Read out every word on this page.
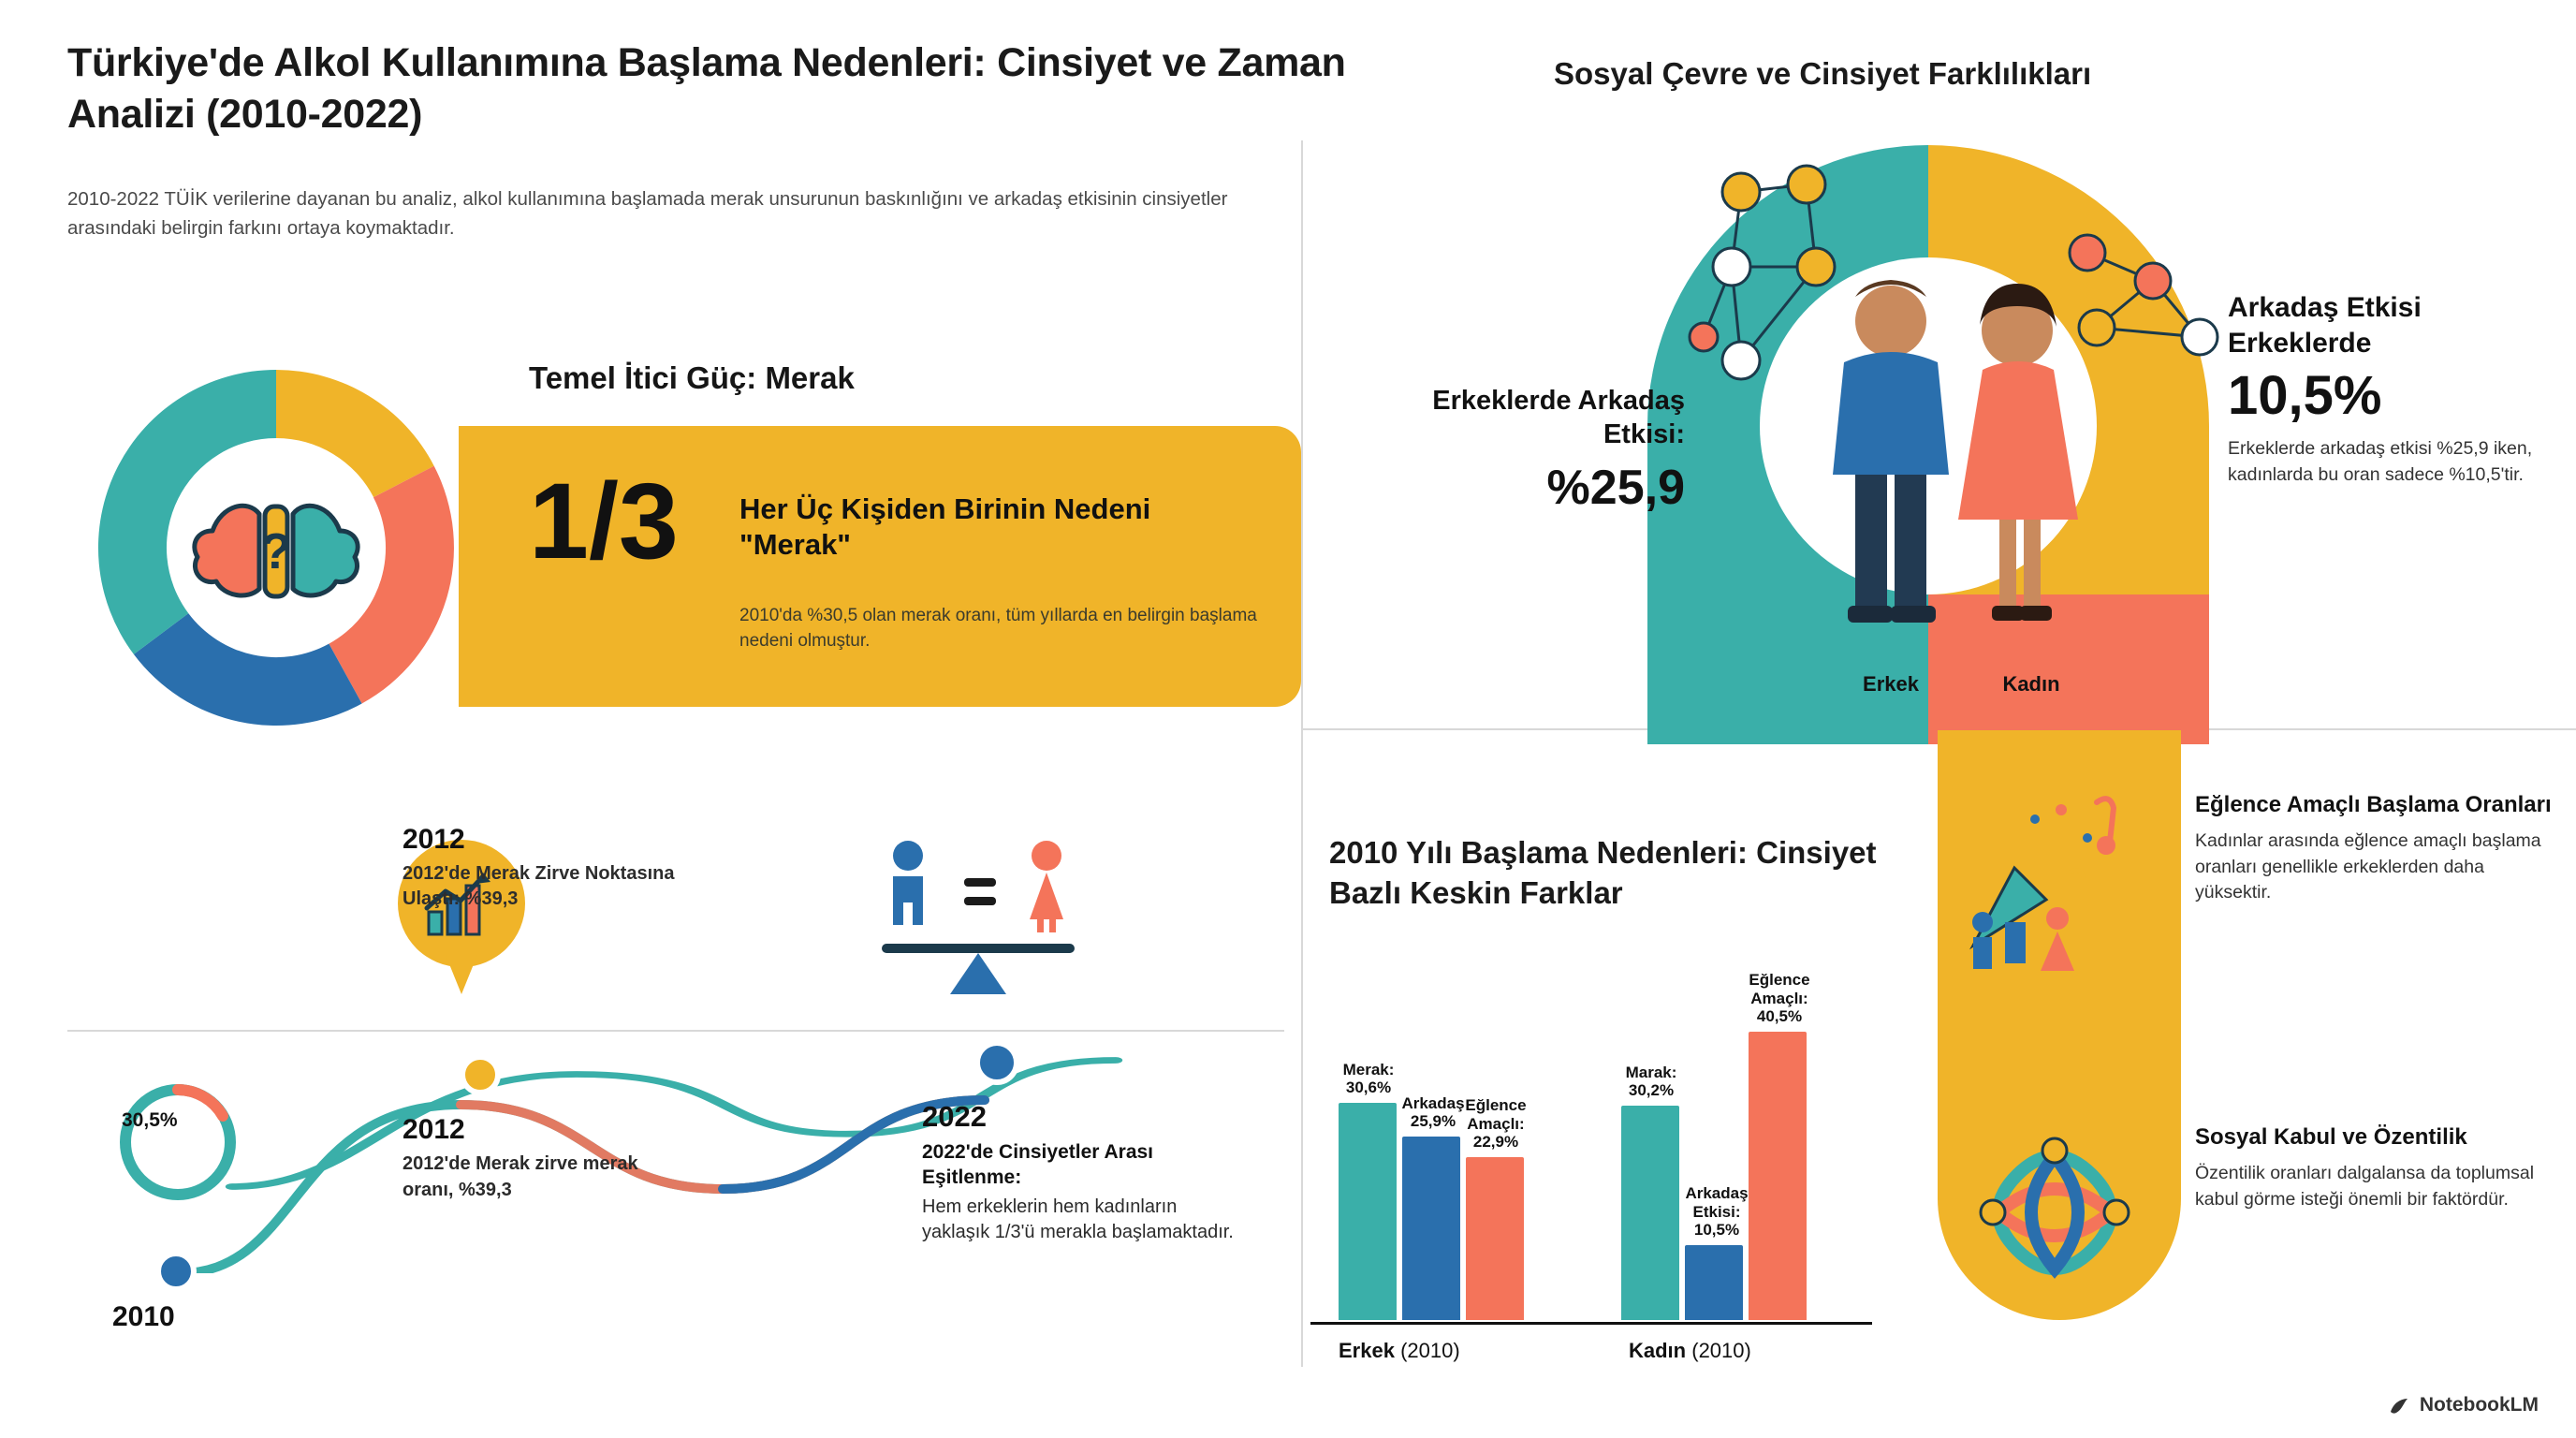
Türkiye'de Alkol Kullanımına Başlama Nedenleri: Cinsiyet ve Zaman Analizi (2010-2022)
2010-2022 TÜİK verilerine dayanan bu analiz, alkol kullanımına başlamada merak unsurunun baskınlığını ve arkadaş etkisinin cinsiyetler arasındaki belirgin farkını ortaya koymaktadır.
Sosyal Çevre ve Cinsiyet Farklılıkları
?
Temel İtici Güç: Merak
1/3 Her Üç Kişiden Birinin Nedeni "Merak"
2010'da %30,5 olan merak oranı, tüm yıllarda en belirgin başlama nedeni olmuştur.
30,5%
2010
2012
2012'de Merak Zirve Noktasına Ulaştı: %39,3
2012
2012'de Merak zirve merak oranı, %39,3
2022
2022'de Cinsiyetler Arası Eşitlenme:
Hem erkeklerin hem kadınların yaklaşık 1/3'ü merakla başlamaktadır.
Erkeklerde Arkadaş Etkisi:
%25,9
Arkadaş Etkisi Erkeklerde
10,5%
Erkeklerde arkadaş etkisi %25,9 iken, kadınlarda bu oran sadece %10,5'tir.
Erkek	Kadın
Eğlence Amaçlı Başlama Oranları
Kadınlar arasında eğlence amaçlı başlama oranları genellikle erkeklerden daha yüksektir.
Sosyal Kabul ve Özentilik
Özentilik oranları dalgalansa da toplumsal kabul görme isteği önemli bir faktördür.
2010 Yılı Başlama Nedenleri: Cinsiyet Bazlı Keskin Farklar
Merak: 30,6%
Arkadaş 25,9%
Eğlence Amaçlı: 22,9%
Marak: 30,2%
Arkadaş Etkisi: 10,5%
Eğlence Amaçlı: 40,5%
Erkek (2010)	Kadın (2010)
NotebookLM
